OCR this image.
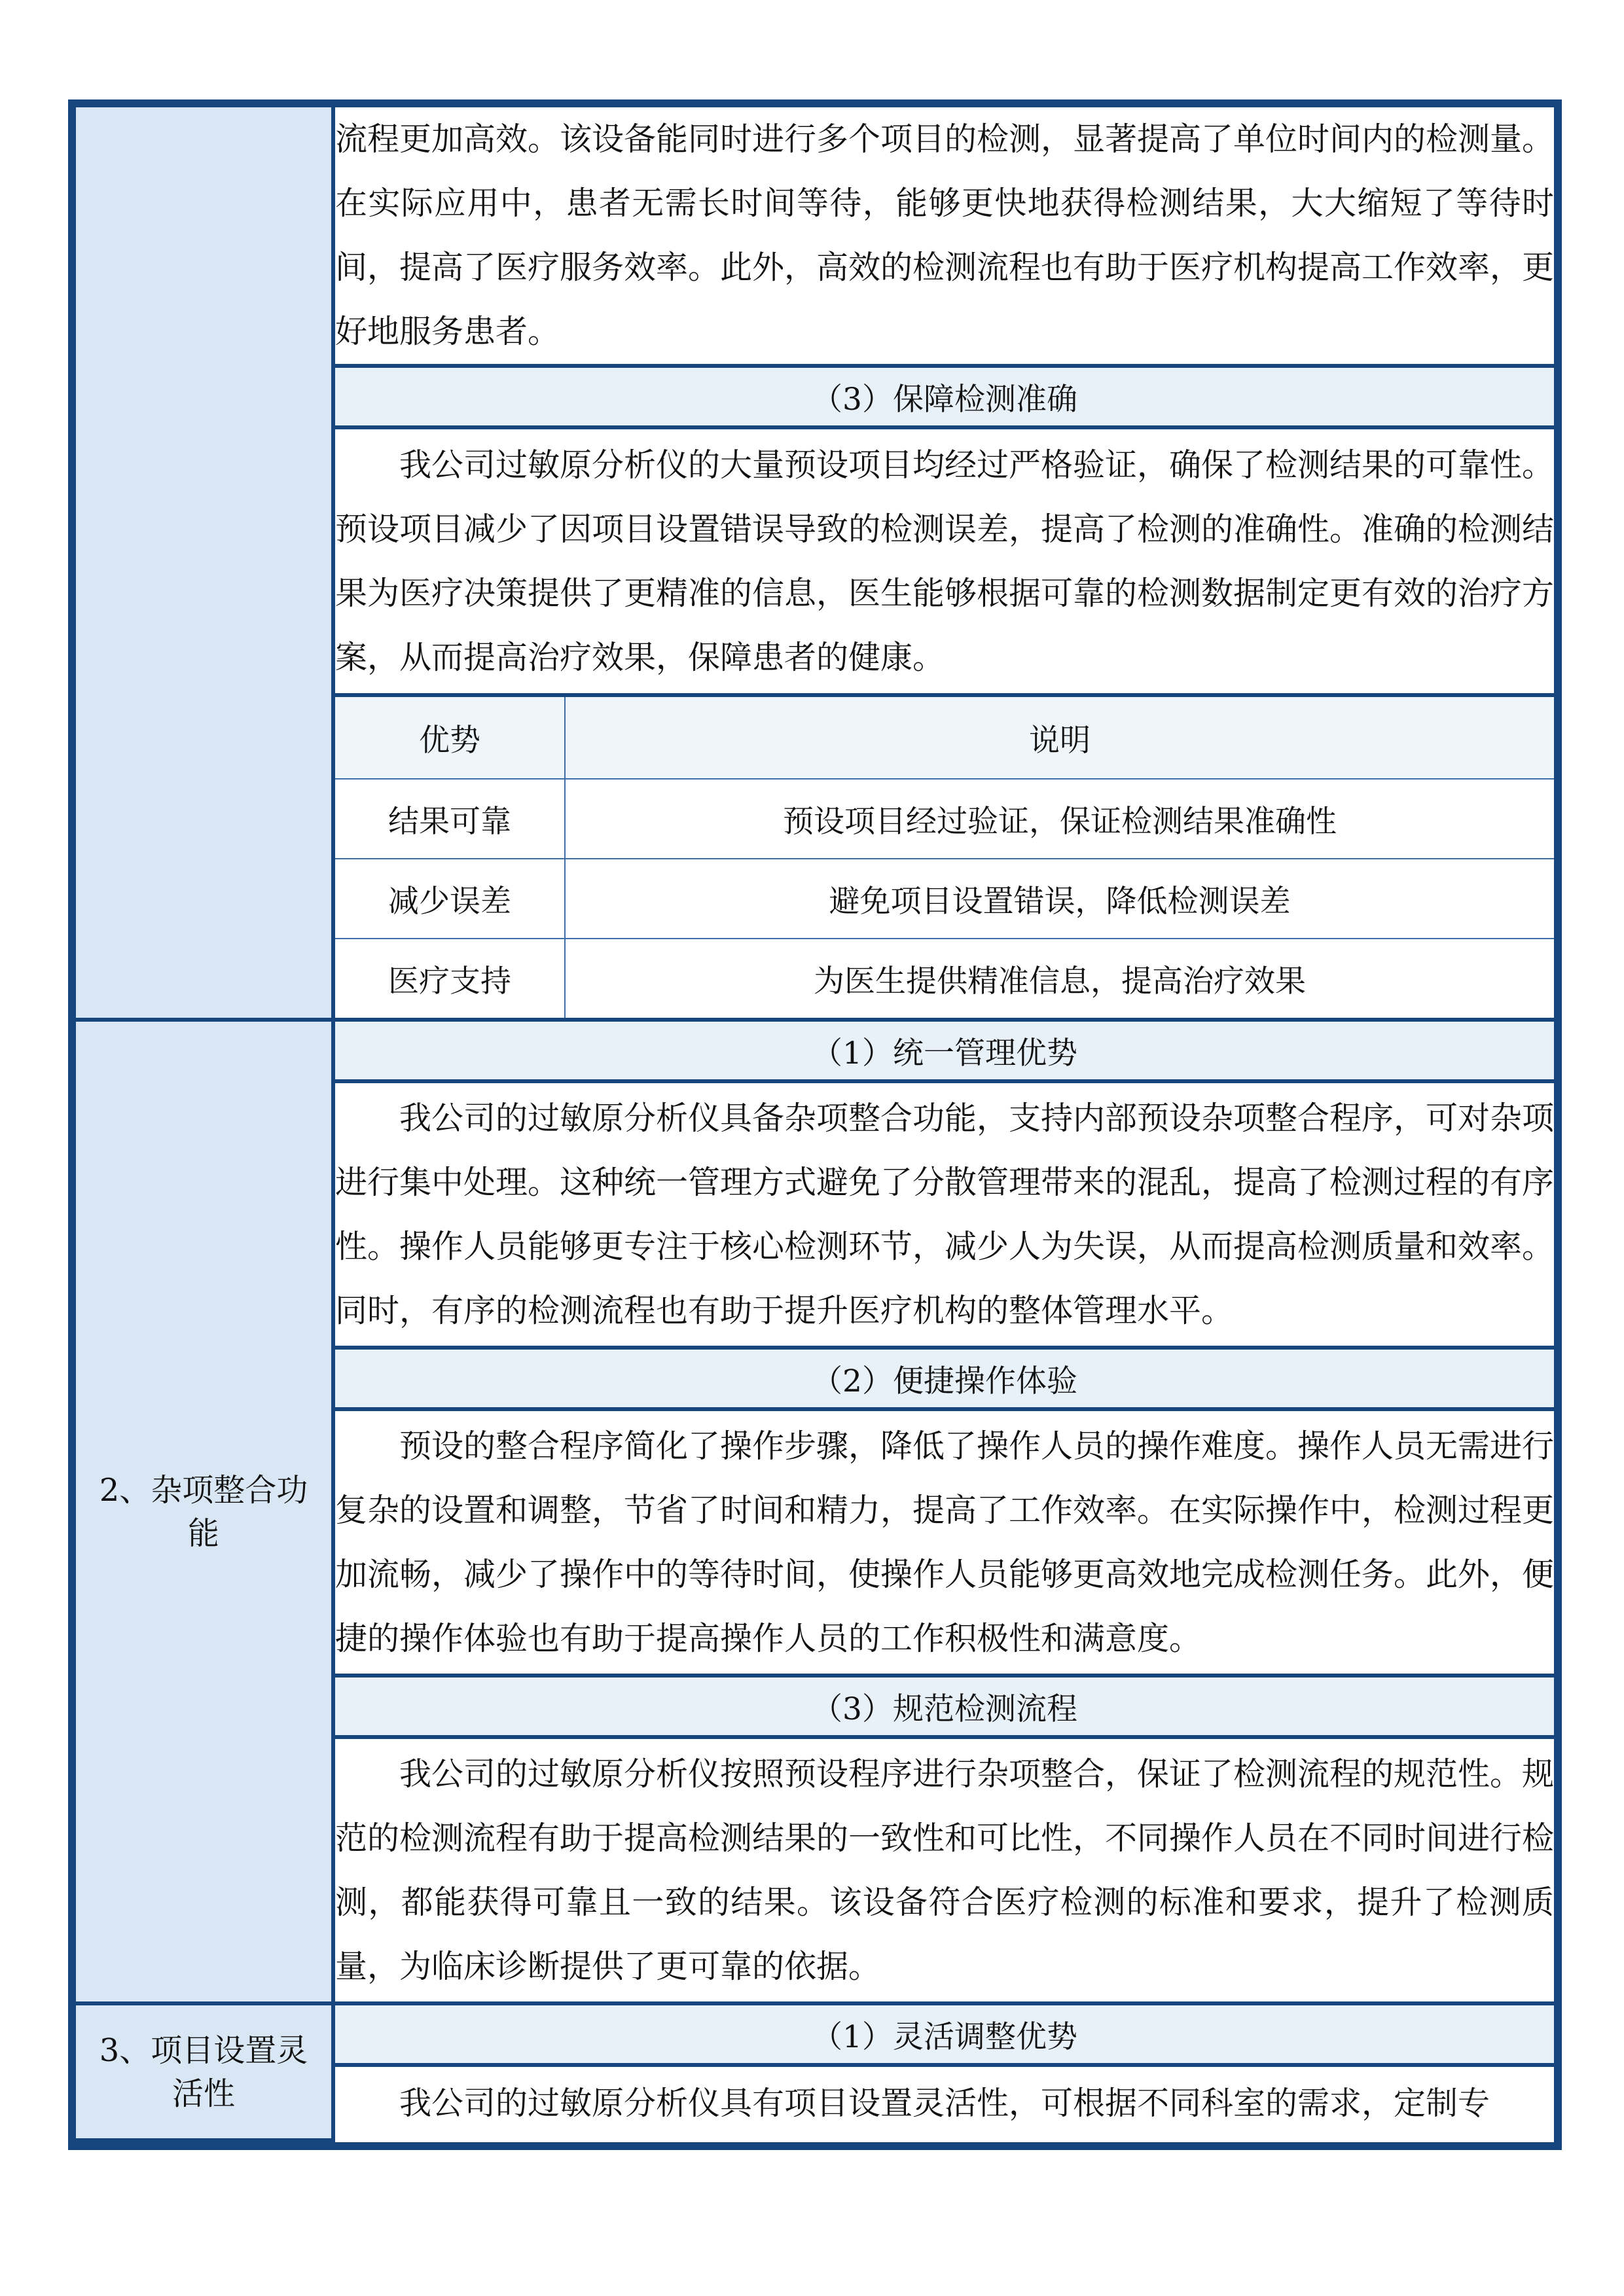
	流程更加高效。该设备能同时进行多个项目的检测，显著提高了单位时间内的检测量。在实际应用中，患者无需长时间等待，能够更快地获得检测结果，大大缩短了等待时间，提高了医疗服务效率。此外，高效的检测流程也有助于医疗机构提高工作效率，更好地服务患者。
（3）保障检测准确
我公司过敏原分析仪的大量预设项目均经过严格验证，确保了检测结果的可靠性。预设项目减少了因项目设置错误导致的检测误差，提高了检测的准确性。准确的检测结果为医疗决策提供了更精准的信息，医生能够根据可靠的检测数据制定更有效的治疗方案，从而提高治疗效果，保障患者的健康。

优势	说明
结果可靠	预设项目经过验证，保证检测结果准确性
减少误差	避免项目设置错误，降低检测误差
医疗支持	为医生提供精准信息，提高治疗效果

2、杂项整合功能	（1）统一管理优势
我公司的过敏原分析仪具备杂项整合功能，支持内部预设杂项整合程序，可对杂项进行集中处理。这种统一管理方式避免了分散管理带来的混乱，提高了检测过程的有序性。操作人员能够更专注于核心检测环节，减少人为失误，从而提高检测质量和效率。同时，有序的检测流程也有助于提升医疗机构的整体管理水平。
（2）便捷操作体验
预设的整合程序简化了操作步骤，降低了操作人员的操作难度。操作人员无需进行复杂的设置和调整，节省了时间和精力，提高了工作效率。在实际操作中，检测过程更加流畅，减少了操作中的等待时间，使操作人员能够更高效地完成检测任务。此外，便捷的操作体验也有助于提高操作人员的工作积极性和满意度。
（3）规范检测流程
我公司的过敏原分析仪按照预设程序进行杂项整合，保证了检测流程的规范性。规范的检测流程有助于提高检测结果的一致性和可比性，不同操作人员在不同时间进行检测，都能获得可靠且一致的结果。该设备符合医疗检测的标准和要求，提升了检测质量，为临床诊断提供了更可靠的依据。
3、项目设置灵活性	（1）灵活调整优势
我公司的过敏原分析仪具有项目设置灵活性，可根据不同科室的需求，定制专
